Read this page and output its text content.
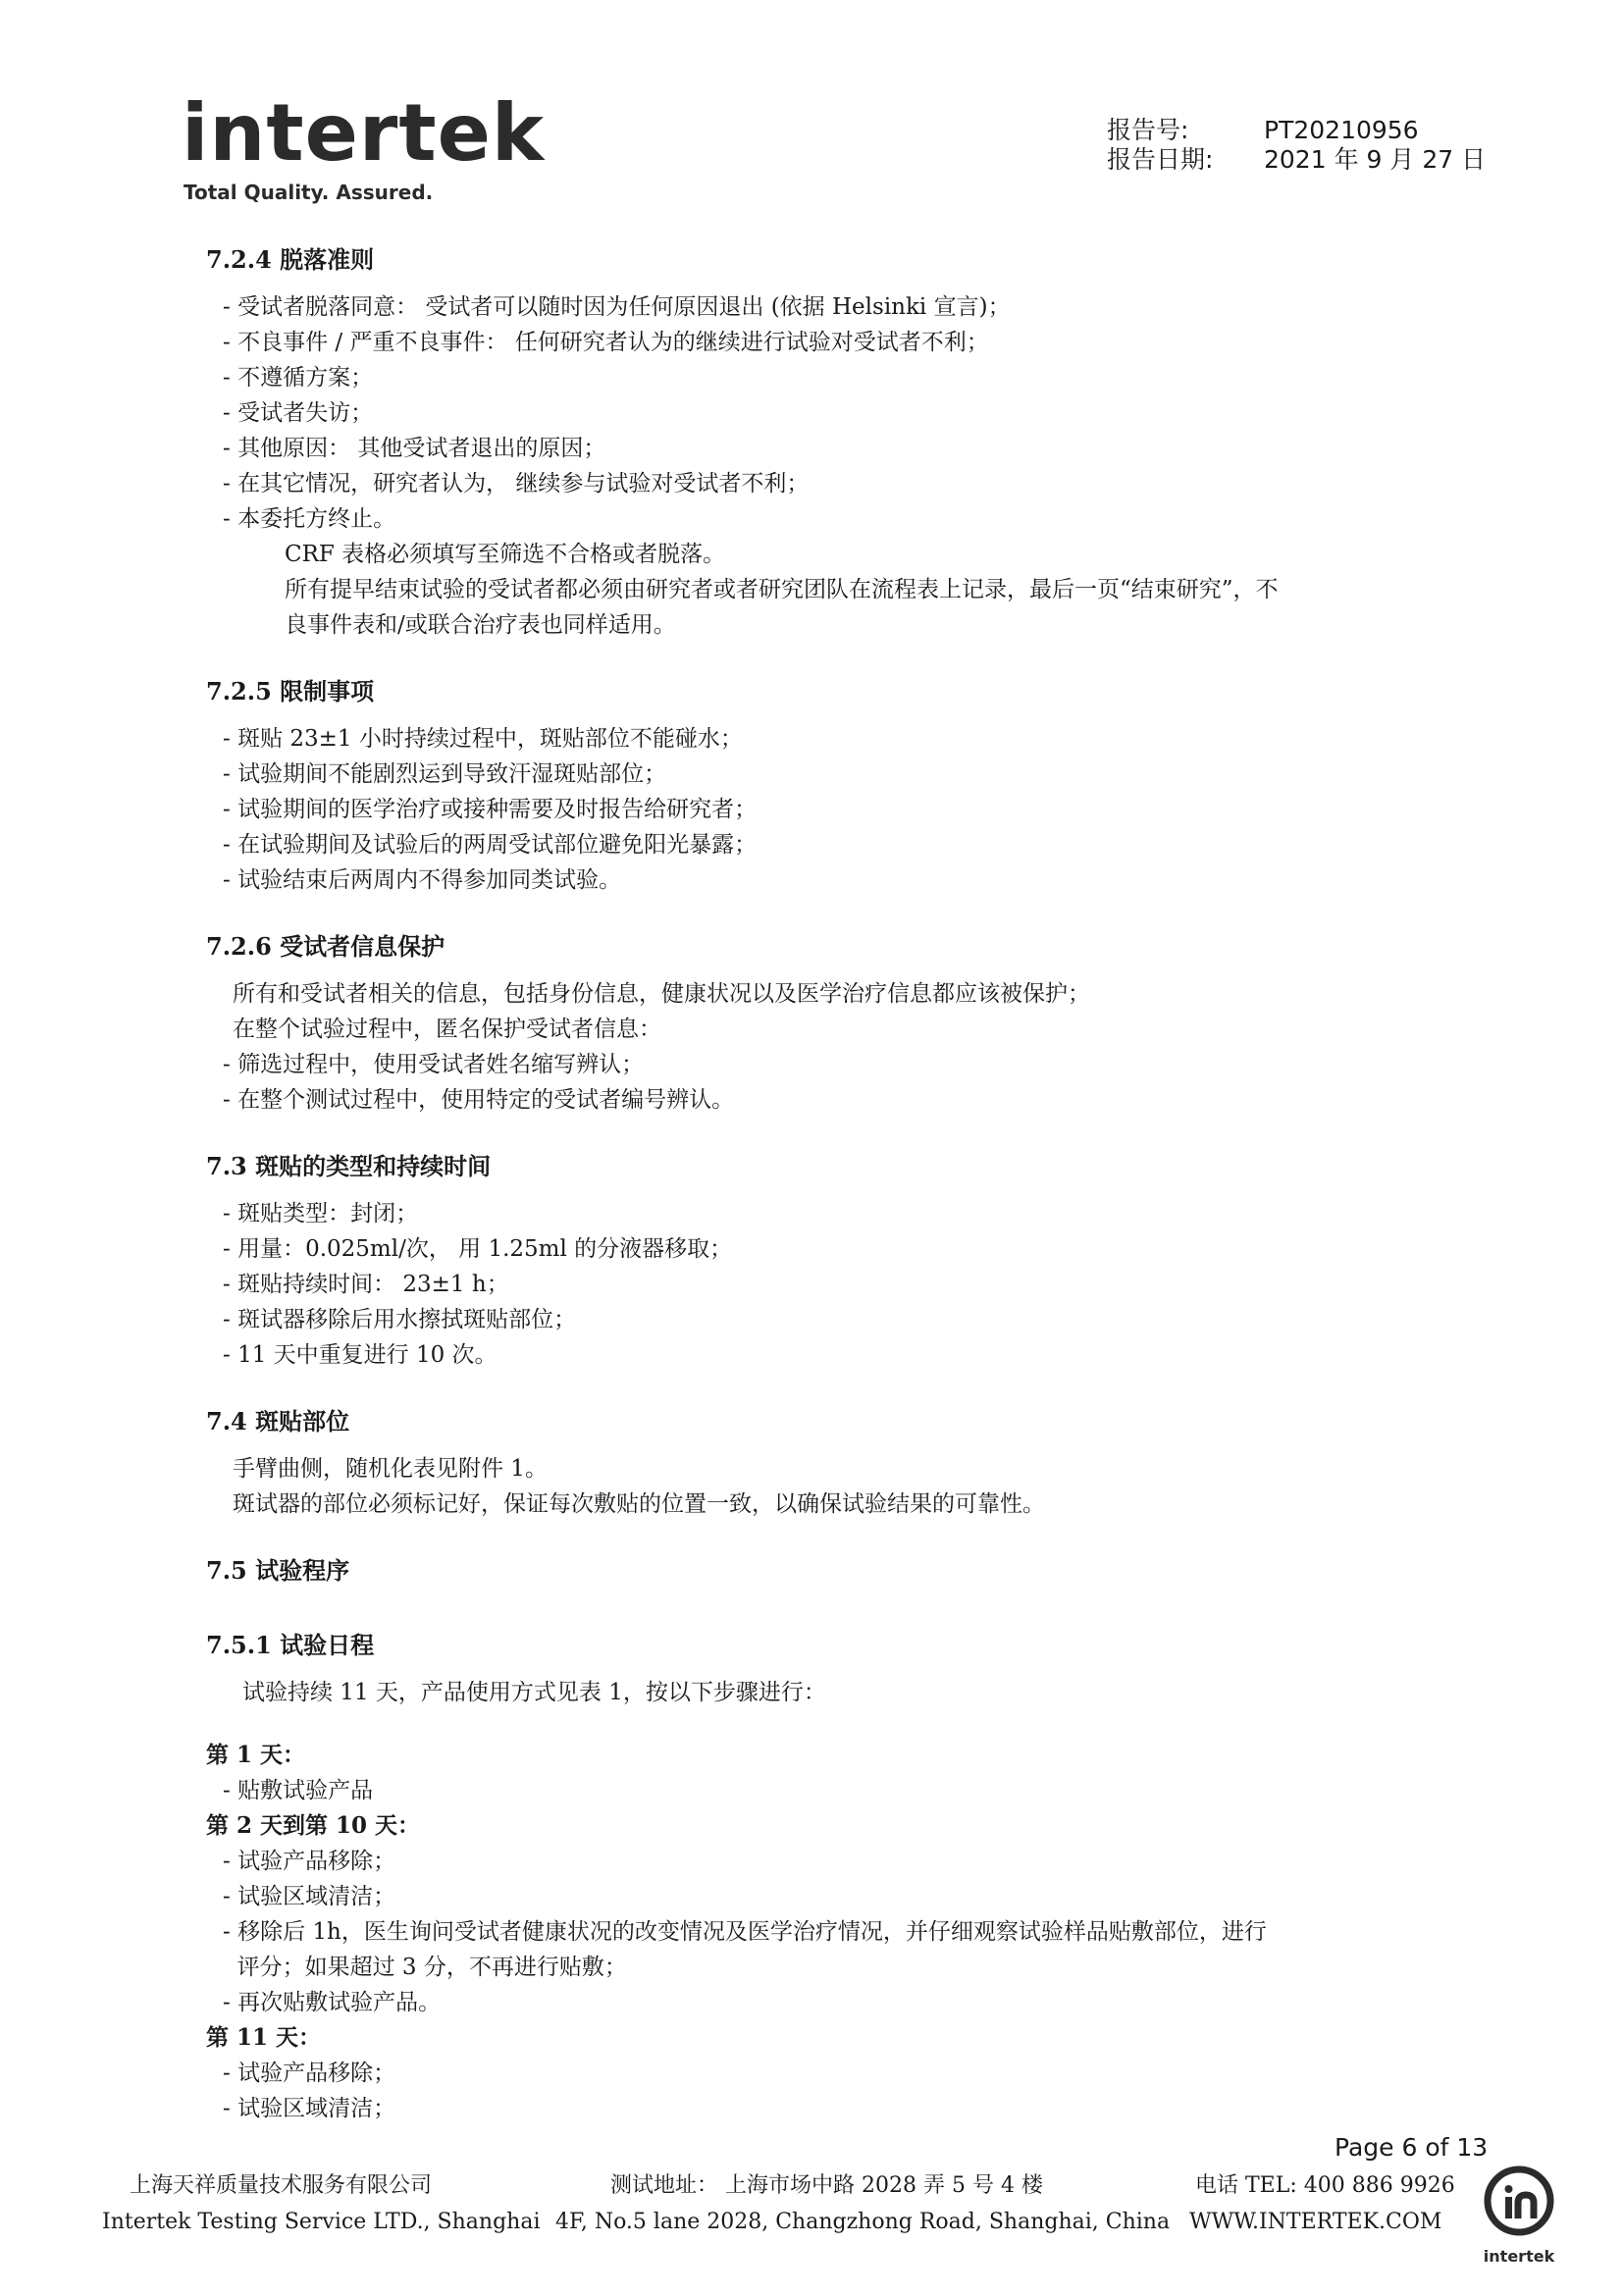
intertek
Total Quality. Assured.
报告号:	PT20210956
报告日期:	2021 年 9 月 27 日
7.2.4 脱落准则
- 受试者脱落同意： 受试者可以随时因为任何原因退出 (依据 Helsinki 宣言)；
- 不良事件 / 严重不良事件： 任何研究者认为的继续进行试验对受试者不利；
- 不遵循方案；
- 受试者失访；
- 其他原因： 其他受试者退出的原因；
- 在其它情况，研究者认为， 继续参与试验对受试者不利；
- 本委托方终止。
CRF 表格必须填写至筛选不合格或者脱落。
所有提早结束试验的受试者都必须由研究者或者研究团队在流程表上记录，最后一页“结束研究”，不
良事件表和/或联合治疗表也同样适用。
7.2.5 限制事项
- 斑贴 23±1 小时持续过程中，斑贴部位不能碰水；
- 试验期间不能剧烈运到导致汗湿斑贴部位；
- 试验期间的医学治疗或接种需要及时报告给研究者；
- 在试验期间及试验后的两周受试部位避免阳光暴露；
- 试验结束后两周内不得参加同类试验。
7.2.6 受试者信息保护
所有和受试者相关的信息，包括身份信息，健康状况以及医学治疗信息都应该被保护；
在整个试验过程中，匿名保护受试者信息：
- 筛选过程中，使用受试者姓名缩写辨认；
- 在整个测试过程中，使用特定的受试者编号辨认。
7.3 斑贴的类型和持续时间
- 斑贴类型：封闭；
- 用量：0.025ml/次， 用 1.25ml 的分液器移取；
- 斑贴持续时间： 23±1 h；
- 斑试器移除后用水擦拭斑贴部位；
- 11 天中重复进行 10 次。
7.4 斑贴部位
手臂曲侧，随机化表见附件 1。
斑试器的部位必须标记好，保证每次敷贴的位置一致，以确保试验结果的可靠性。
7.5 试验程序
7.5.1 试验日程
试验持续 11 天，产品使用方式见表 1，按以下步骤进行：
第 1 天：
- 贴敷试验产品
第 2 天到第 10 天：
- 试验产品移除；
- 试验区域清洁；
- 移除后 1h，医生询问受试者健康状况的改变情况及医学治疗情况，并仔细观察试验样品贴敷部位，进行
评分；如果超过 3 分，不再进行贴敷；
- 再次贴敷试验产品。
第 11 天：
- 试验产品移除；
- 试验区域清洁；
Page 6 of 13
上海天祥质量技术服务有限公司
Intertek Testing Service LTD., Shanghai
测试地址： 上海市场中路 2028 弄 5 号 4 楼
4F, No.5 lane 2028, Changzhong Road, Shanghai, China
电话 TEL: 400 886 9926
WWW.INTERTEK.COM
intertek
